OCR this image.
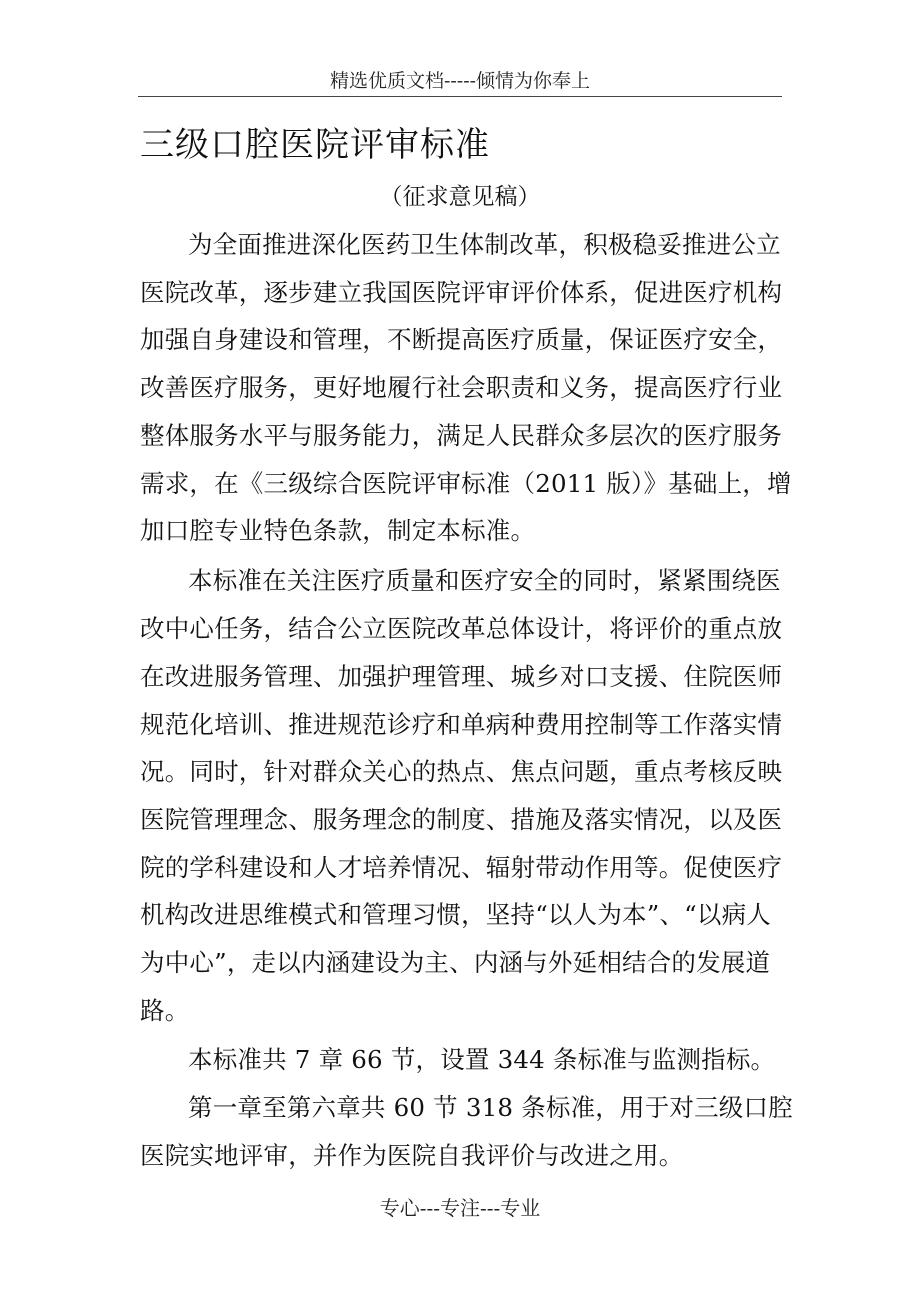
精选优质文档-----倾情为你奉上
三级口腔医院评审标准
（征求意见稿）
为全面推进深化医药卫生体制改革，积极稳妥推进公立
医院改革，逐步建立我国医院评审评价体系，促进医疗机构
加强自身建设和管理，不断提高医疗质量，保证医疗安全，
改善医疗服务，更好地履行社会职责和义务，提高医疗行业
整体服务水平与服务能力，满足人民群众多层次的医疗服务
需求，在《三级综合医院评审标准（2011 版）》基础上，增
加口腔专业特色条款，制定本标准。
本标准在关注医疗质量和医疗安全的同时，紧紧围绕医
改中心任务，结合公立医院改革总体设计，将评价的重点放
在改进服务管理、加强护理管理、城乡对口支援、住院医师
规范化培训、推进规范诊疗和单病种费用控制等工作落实情
况。同时，针对群众关心的热点、焦点问题，重点考核反映
医院管理理念、服务理念的制度、措施及落实情况，以及医
院的学科建设和人才培养情况、辐射带动作用等。促使医疗
机构改进思维模式和管理习惯，坚持“以人为本”、“以病人
为中心”，走以内涵建设为主、内涵与外延相结合的发展道
路。
本标准共 7 章 66 节，设置 344 条标准与监测指标。
第一章至第六章共 60 节 318 条标准，用于对三级口腔
医院实地评审，并作为医院自我评价与改进之用。
专心---专注---专业
